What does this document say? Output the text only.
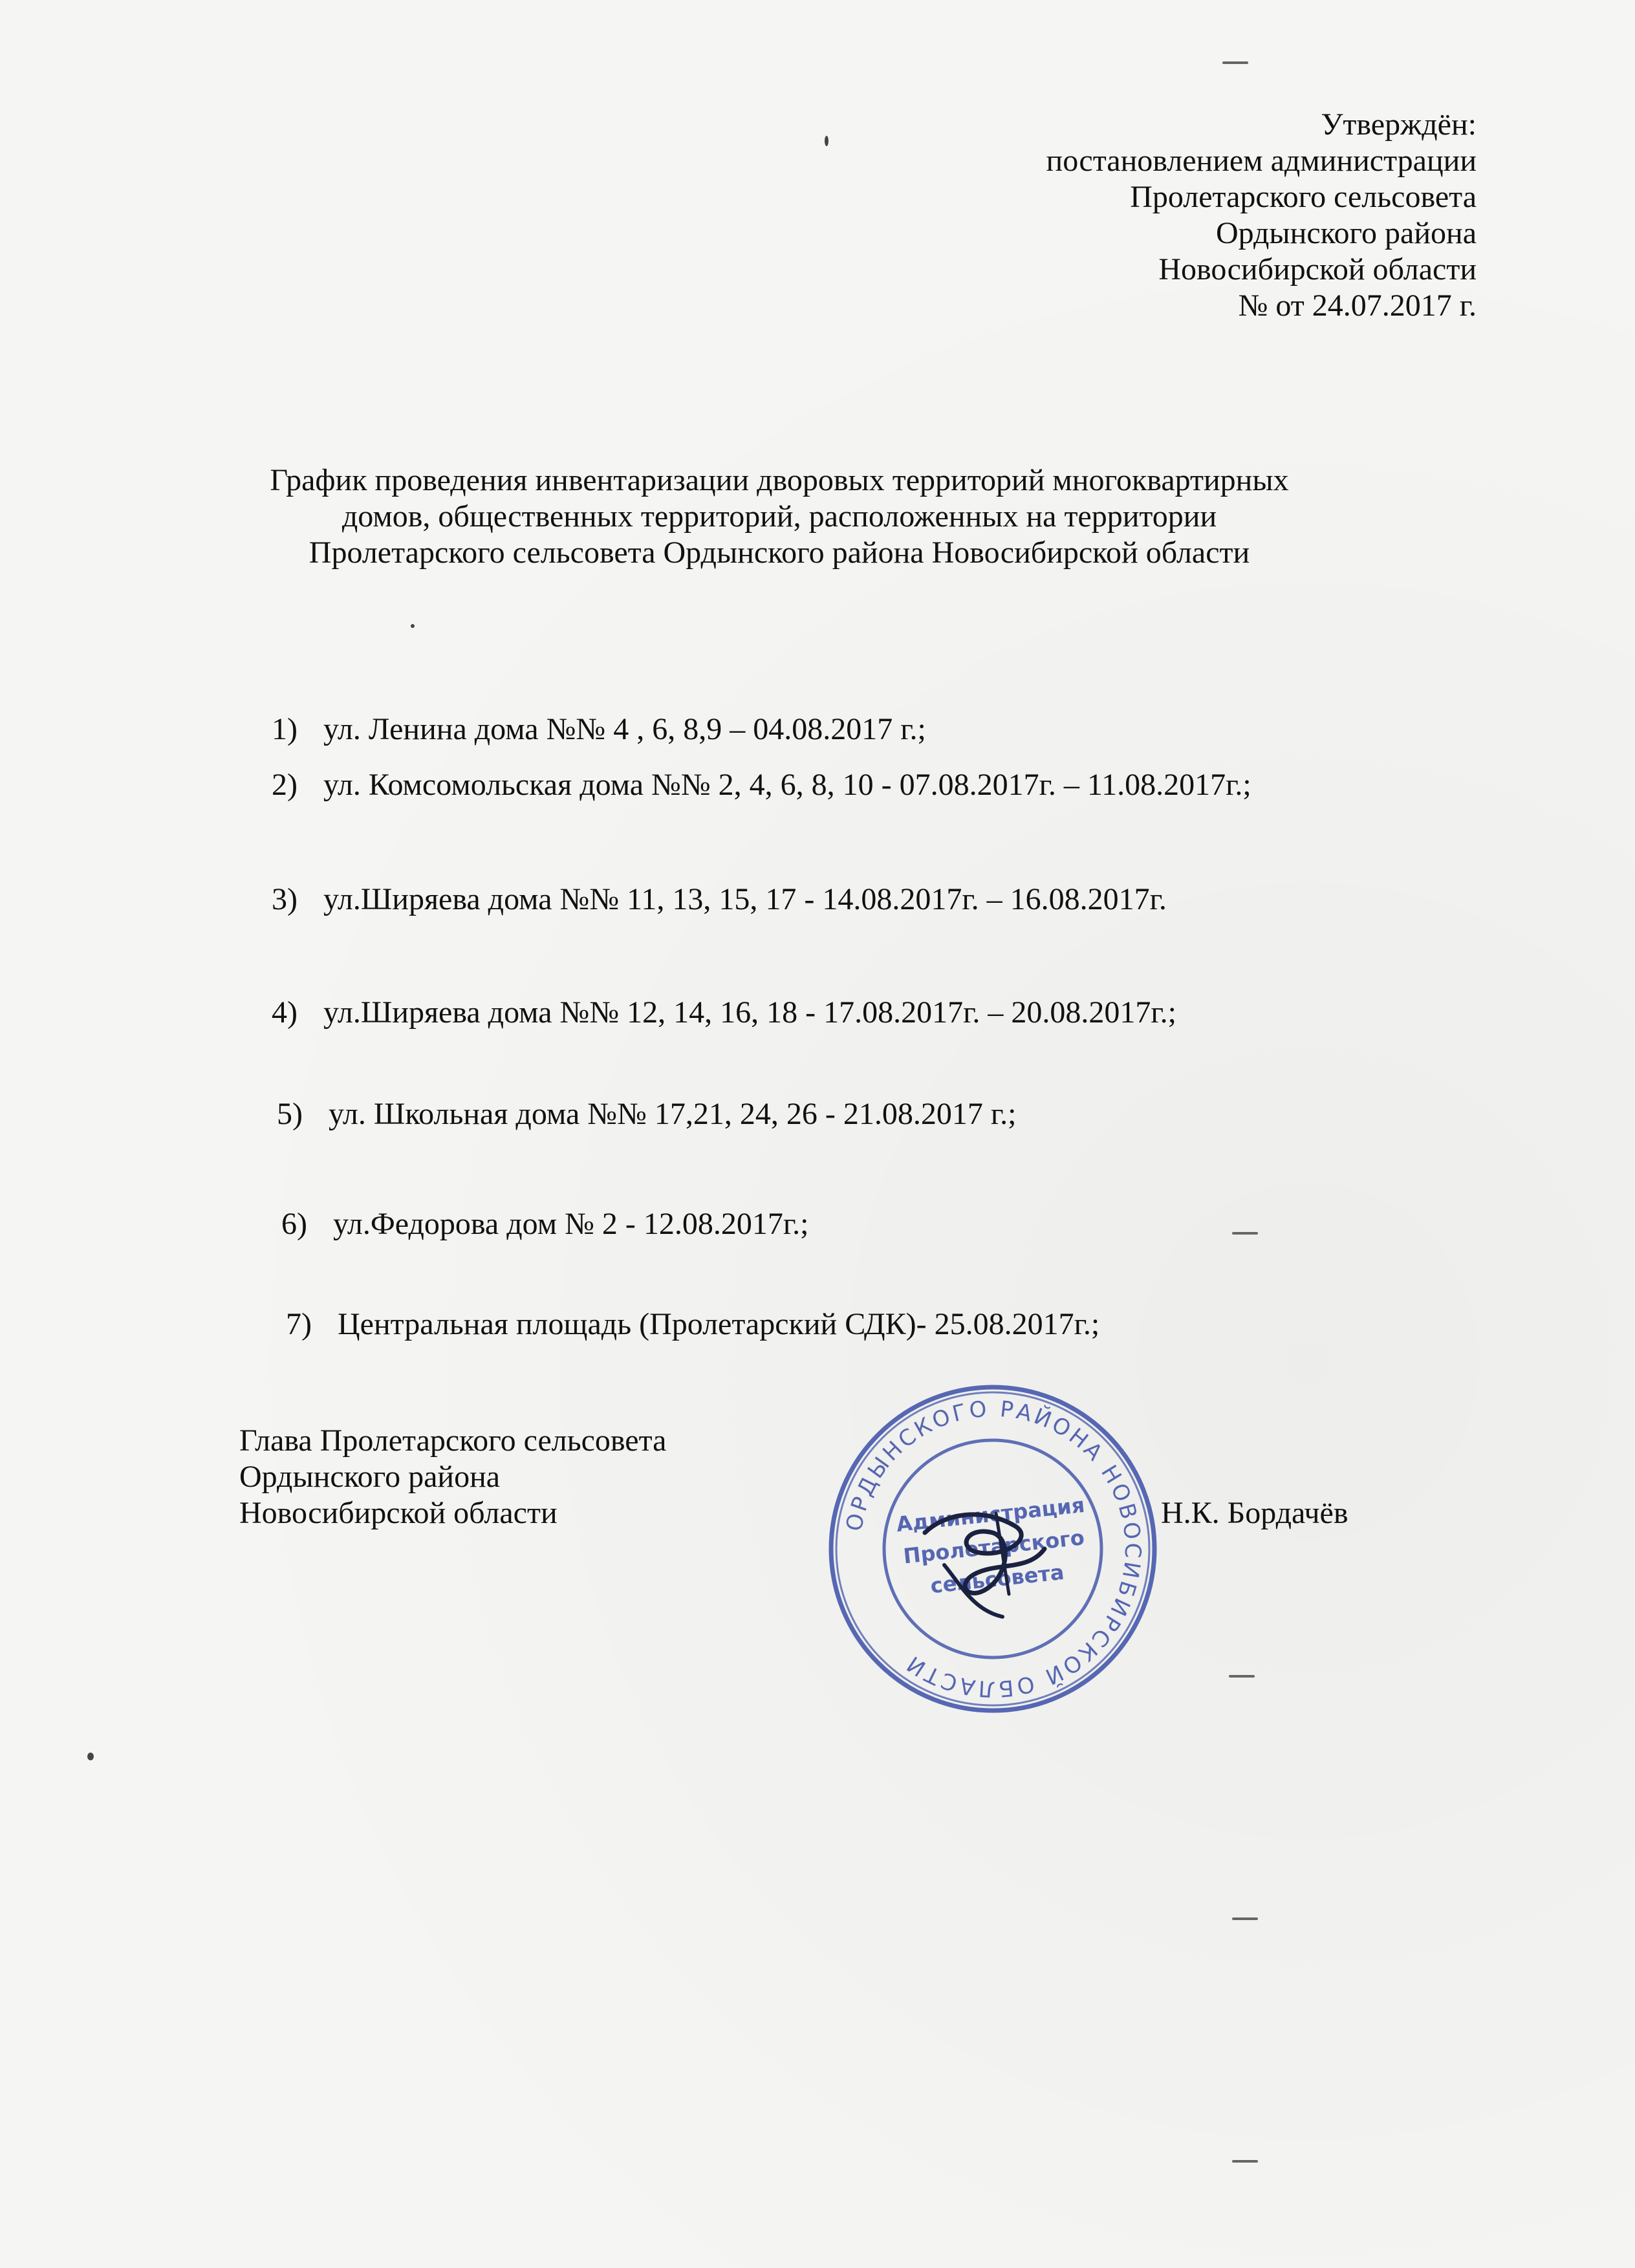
Утверждён:
постановлением администрации
Пролетарского сельсовета
Ордынского района
Новосибирской области
№ от 24.07.2017 г.
График проведения инвентаризации дворовых территорий многоквартирных
домов, общественных территорий, расположенных на территории
Пролетарского сельсовета Ордынского района Новосибирской области
1) ул. Ленина дома №№ 4 , 6, 8,9 – 04.08.2017 г.;
2) ул. Комсомольская дома №№ 2, 4, 6, 8, 10 - 07.08.2017г. – 11.08.2017г.;
3) ул.Ширяева дома №№ 11, 13, 15, 17 - 14.08.2017г. – 16.08.2017г.
4) ул.Ширяева дома №№ 12, 14, 16, 18 - 17.08.2017г. – 20.08.2017г.;
5) ул. Школьная дома №№ 17,21, 24, 26 - 21.08.2017 г.;
6) ул.Федорова дом № 2 - 12.08.2017г.;
7) Центральная площадь (Пролетарский СДК)- 25.08.2017г.;
Глава Пролетарского сельсовета
Ордынского района
Новосибирской области	Н.К. Бордачёв
ОРДЫНСКОГО РАЙОНА НОВОСИБИРСКОЙ ОБЛАСТИ
Администрация
Пролетарского
сельсовета
